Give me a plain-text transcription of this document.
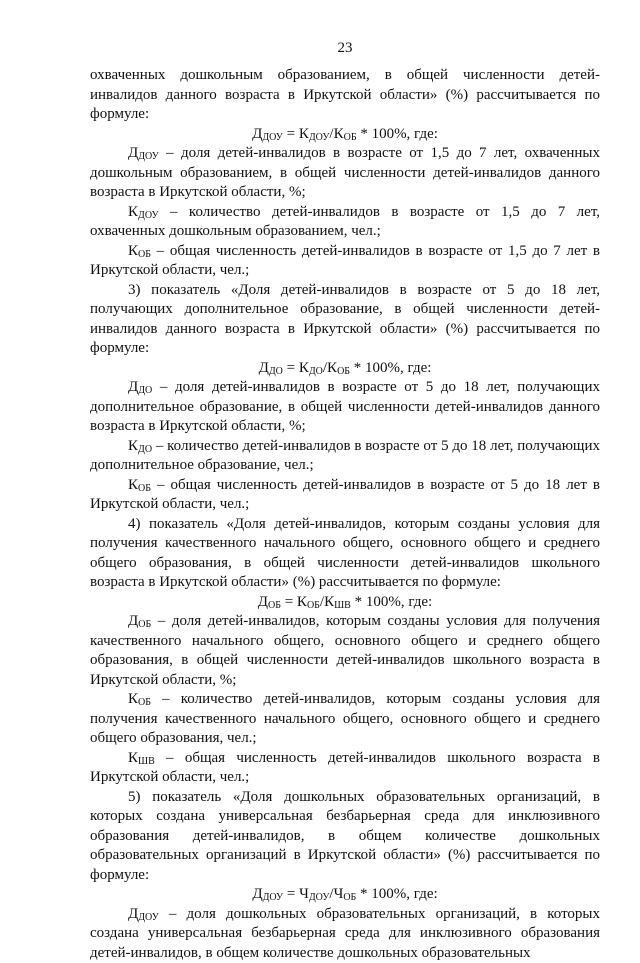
23

охваченных дошкольным образованием, в общей численности детей-инвалидов данного возраста в Иркутской области» (%) рассчитывается по формуле:

$Д_{ДОУ} = К_{ДОУ}/К_{ОБ} * 100\%$, где:

$Д_{ДОУ}$ – доля детей-инвалидов в возрасте от 1,5 до 7 лет, охваченных дошкольным образованием, в общей численности детей-инвалидов данного возраста в Иркутской области, %;

$К_{ДОУ}$ – количество детей-инвалидов в возрасте от 1,5 до 7 лет, охваченных дошкольным образованием, чел.;

$К_{ОБ}$ – общая численность детей-инвалидов в возрасте от 1,5 до 7 лет в Иркутской области, чел.;

3) показатель «Доля детей-инвалидов в возрасте от 5 до 18 лет, получающих дополнительное образование, в общей численности детей-инвалидов данного возраста в Иркутской области» (%) рассчитывается по формуле:

$Д_{ДО} = К_{ДО}/К_{ОБ} * 100\%$, где:

$Д_{ДО}$ – доля детей-инвалидов в возрасте от 5 до 18 лет, получающих дополнительное образование, в общей численности детей-инвалидов данного возраста в Иркутской области, %;

$К_{ДО}$ – количество детей-инвалидов в возрасте от 5 до 18 лет, получающих дополнительное образование, чел.;

$К_{ОБ}$ – общая численность детей-инвалидов в возрасте от 5 до 18 лет в Иркутской области, чел.;

4) показатель «Доля детей-инвалидов, которым созданы условия для получения качественного начального общего, основного общего и среднего общего образования, в общей численности детей-инвалидов школьного возраста в Иркутской области» (%) рассчитывается по формуле:

$Д_{ОБ} = К_{ОБ}/К_{ШВ} * 100\%$, где:

$Д_{ОБ}$ – доля детей-инвалидов, которым созданы условия для получения качественного начального общего, основного общего и среднего общего образования, в общей численности детей-инвалидов школьного возраста в Иркутской области, %;

$К_{ОБ}$ – количество детей-инвалидов, которым созданы условия для получения качественного начального общего, основного общего и среднего общего образования, чел.;

$К_{ШВ}$ – общая численность детей-инвалидов школьного возраста в Иркутской области, чел.;

5) показатель «Доля дошкольных образовательных организаций, в которых создана универсальная безбарьерная среда для инклюзивного образования детей-инвалидов, в общем количестве дошкольных образовательных организаций в Иркутской области» (%) рассчитывается по формуле:

$Д_{ДОУ} = Ч_{ДОУ}/Ч_{ОБ} * 100\%$, где:

$Д_{ДОУ}$ – доля дошкольных образовательных организаций, в которых создана универсальная безбарьерная среда для инклюзивного образования детей-инвалидов, в общем количестве дошкольных образовательных
